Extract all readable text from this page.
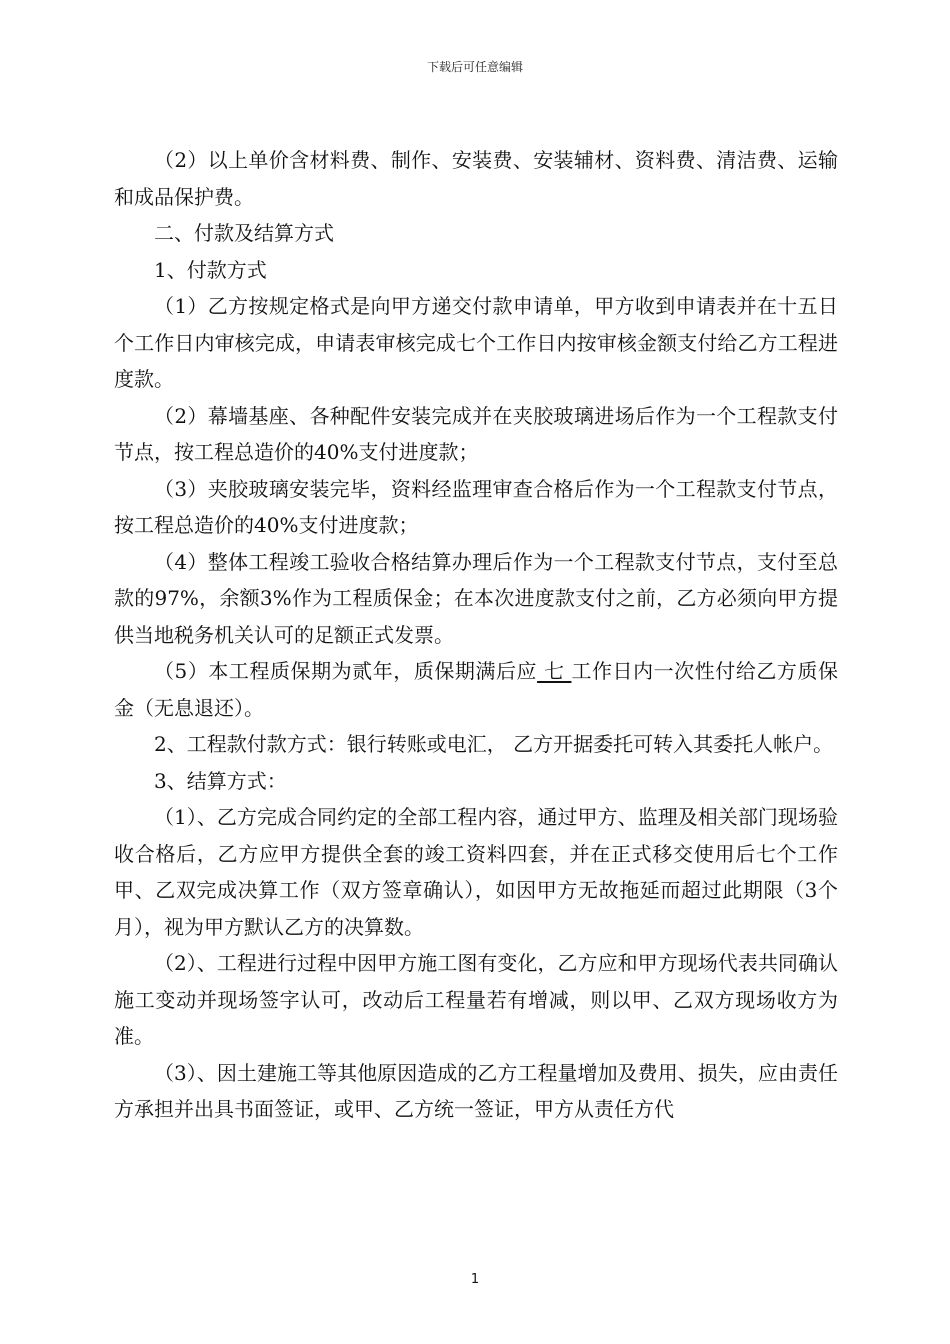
下载后可任意编辑

（2）以上单价含材料费、制作、安装费、安装辅材、资料费、清洁费、运输和成品保护费。

二、付款及结算方式

1、付款方式

（1）乙方按规定格式是向甲方递交付款申请单，甲方收到申请表并在十五日个工作日内审核完成，申请表审核完成七个工作日内按审核金额支付给乙方工程进度款。

（2）幕墙基座、各种配件安装完成并在夹胶玻璃进场后作为一个工程款支付节点，按工程总造价的40%支付进度款；

（3）夹胶玻璃安装完毕，资料经监理审查合格后作为一个工程款支付节点，按工程总造价的40%支付进度款；

（4）整体工程竣工验收合格结算办理后作为一个工程款支付节点，支付至总款的97%，余额3%作为工程质保金；在本次进度款支付之前，乙方必须向甲方提供当地税务机关认可的足额正式发票。

（5）本工程质保期为贰年，质保期满后应 七 工作日内一次性付给乙方质保金（无息退还）。

2、工程款付款方式：银行转账或电汇， 乙方开据委托可转入其委托人帐户。

3、结算方式：

（1）、乙方完成合同约定的全部工程内容，通过甲方、监理及相关部门现场验收合格后，乙方应甲方提供全套的竣工资料四套，并在正式移交使用后七个工作甲、乙双完成决算工作（双方签章确认），如因甲方无故拖延而超过此期限（3个月），视为甲方默认乙方的决算数。

（2）、工程进行过程中因甲方施工图有变化，乙方应和甲方现场代表共同确认施工变动并现场签字认可，改动后工程量若有增减，则以甲、乙双方现场收方为准。

（3）、因土建施工等其他原因造成的乙方工程量增加及费用、损失，应由责任方承担并出具书面签证，或甲、乙方统一签证，甲方从责任方代

1
